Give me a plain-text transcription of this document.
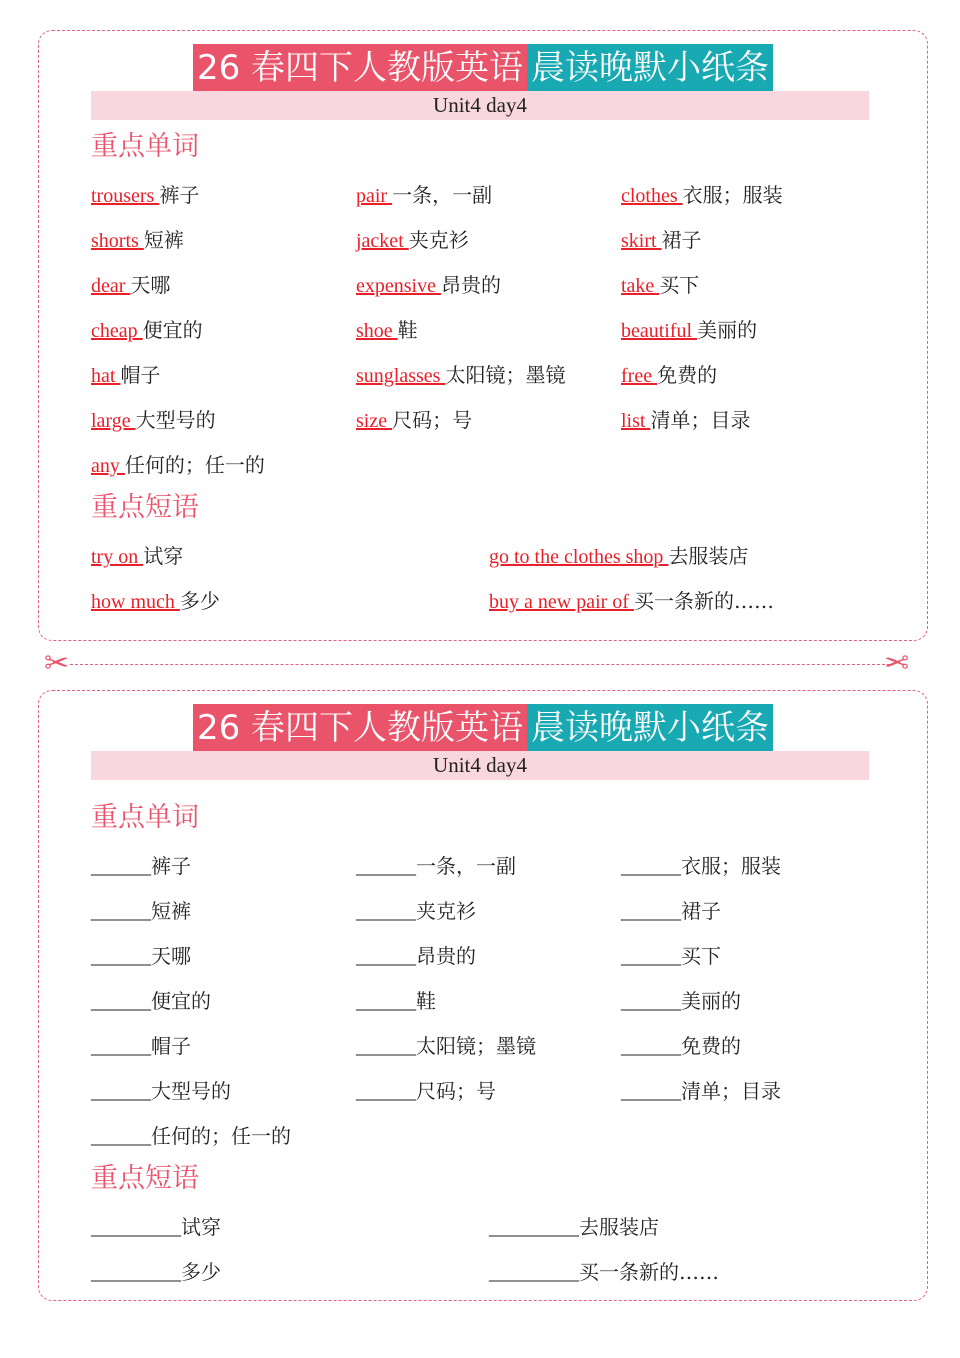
26 春四下人教版英语 晨读晚默小纸条
Unit4 day4
重点单词
重点短语
trousers 裤子	pair 一条，一副	clothes 衣服；服装
shorts 短裤	jacket 夹克衫	skirt 裙子
dear 天哪	expensive 昂贵的	take 买下
cheap 便宜的	shoe 鞋	beautiful 美丽的
hat 帽子	sunglasses 太阳镜；墨镜	free 免费的
large 大型号的	size 尺码；号	list 清单；目录
any 任何的；任一的
try on 试穿	go to the clothes shop 去服装店
how much 多少	buy a new pair of 买一条新的……
✂	✂
26 春四下人教版英语 晨读晚默小纸条
Unit4 day4
重点单词
重点短语
______裤子	______一条，一副	______衣服；服装
______短裤	______夹克衫	______裙子
______天哪	______昂贵的	______买下
______便宜的	______鞋	______美丽的
______帽子	______太阳镜；墨镜	______免费的
______大型号的	______尺码；号	______清单；目录
______任何的；任一的
_________试穿	_________去服装店
_________多少	_________买一条新的……
